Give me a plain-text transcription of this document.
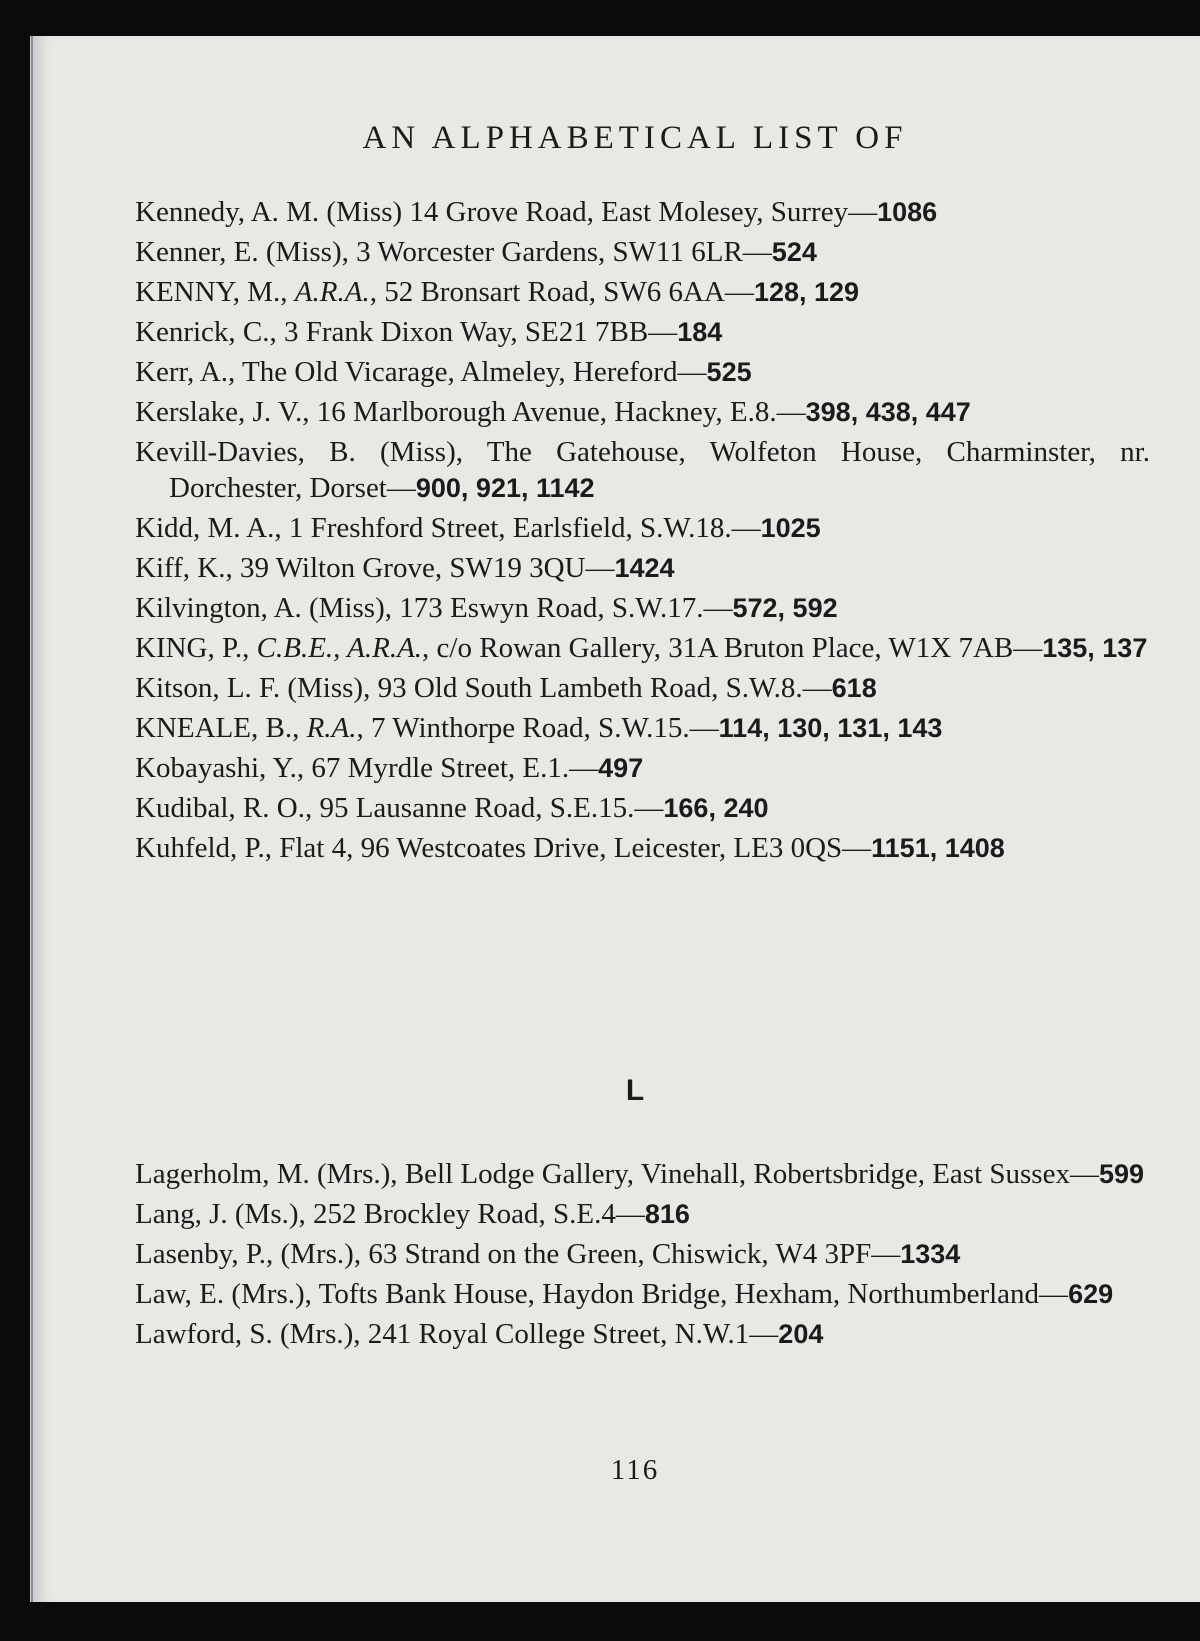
AN ALPHABETICAL LIST OF

Kennedy, A. M. (Miss) 14 Grove Road, East Molesey, Surrey—1086

Kenner, E. (Miss), 3 Worcester Gardens, SW11 6LR—524

KENNY, M., A.R.A., 52 Bronsart Road, SW6 6AA—128, 129

Kenrick, C., 3 Frank Dixon Way, SE21 7BB—184

Kerr, A., The Old Vicarage, Almeley, Hereford—525

Kerslake, J. V., 16 Marlborough Avenue, Hackney, E.8.—398, 438, 447

Kevill-Davies, B. (Miss), The Gatehouse, Wolfeton House, Charminster, nr. Dorchester, Dorset—900, 921, 1142

Kidd, M. A., 1 Freshford Street, Earlsfield, S.W.18.—1025

Kiff, K., 39 Wilton Grove, SW19 3QU—1424

Kilvington, A. (Miss), 173 Eswyn Road, S.W.17.—572, 592

KING, P., C.B.E., A.R.A., c/o Rowan Gallery, 31A Bruton Place, W1X 7AB—135, 137

Kitson, L. F. (Miss), 93 Old South Lambeth Road, S.W.8.—618

KNEALE, B., R.A., 7 Winthorpe Road, S.W.15.—114, 130, 131, 143

Kobayashi, Y., 67 Myrdle Street, E.1.—497

Kudibal, R. O., 95 Lausanne Road, S.E.15.—166, 240

Kuhfeld, P., Flat 4, 96 Westcoates Drive, Leicester, LE3 0QS—1151, 1408

L

Lagerholm, M. (Mrs.), Bell Lodge Gallery, Vinehall, Robertsbridge, East Sussex—599

Lang, J. (Ms.), 252 Brockley Road, S.E.4—816

Lasenby, P., (Mrs.), 63 Strand on the Green, Chiswick, W4 3PF—1334

Law, E. (Mrs.), Tofts Bank House, Haydon Bridge, Hexham, Northumberland—629

Lawford, S. (Mrs.), 241 Royal College Street, N.W.1—204

116
